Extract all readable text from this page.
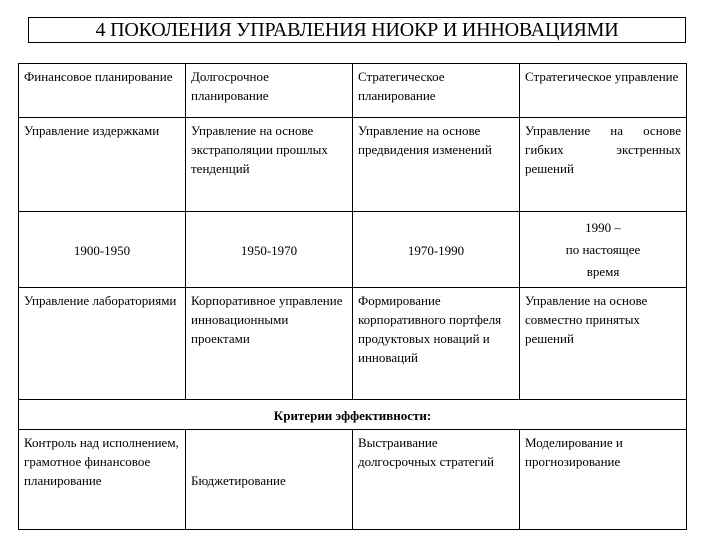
4 ПОКОЛЕНИЯ УПРАВЛЕНИЯ НИОКР И ИННОВАЦИЯМИ
Финансовое планирование	Долгосрочное планирование	Стратегическое планирование	Стратегическое управление
Управление издержками	Управление на основе экстраполяции прошлых тенденций	Управление на основе предвидения изменений	Управление на основе гибких экстренных решений
1900-1950	1950-1970	1970-1990	1990 –
по настоящее
время

Управление лабораториями	Корпоративное управление инновационными проектами	Формирование корпоративного портфеля продуктовых новаций и инноваций	Управление на основе совместно принятых решений
Критерии эффективности:			
Контроль над исполнением, грамотное финансовое планирование	Бюджетирование	Выстраивание долгосрочных стратегий	Моделирование и прогнозирование
